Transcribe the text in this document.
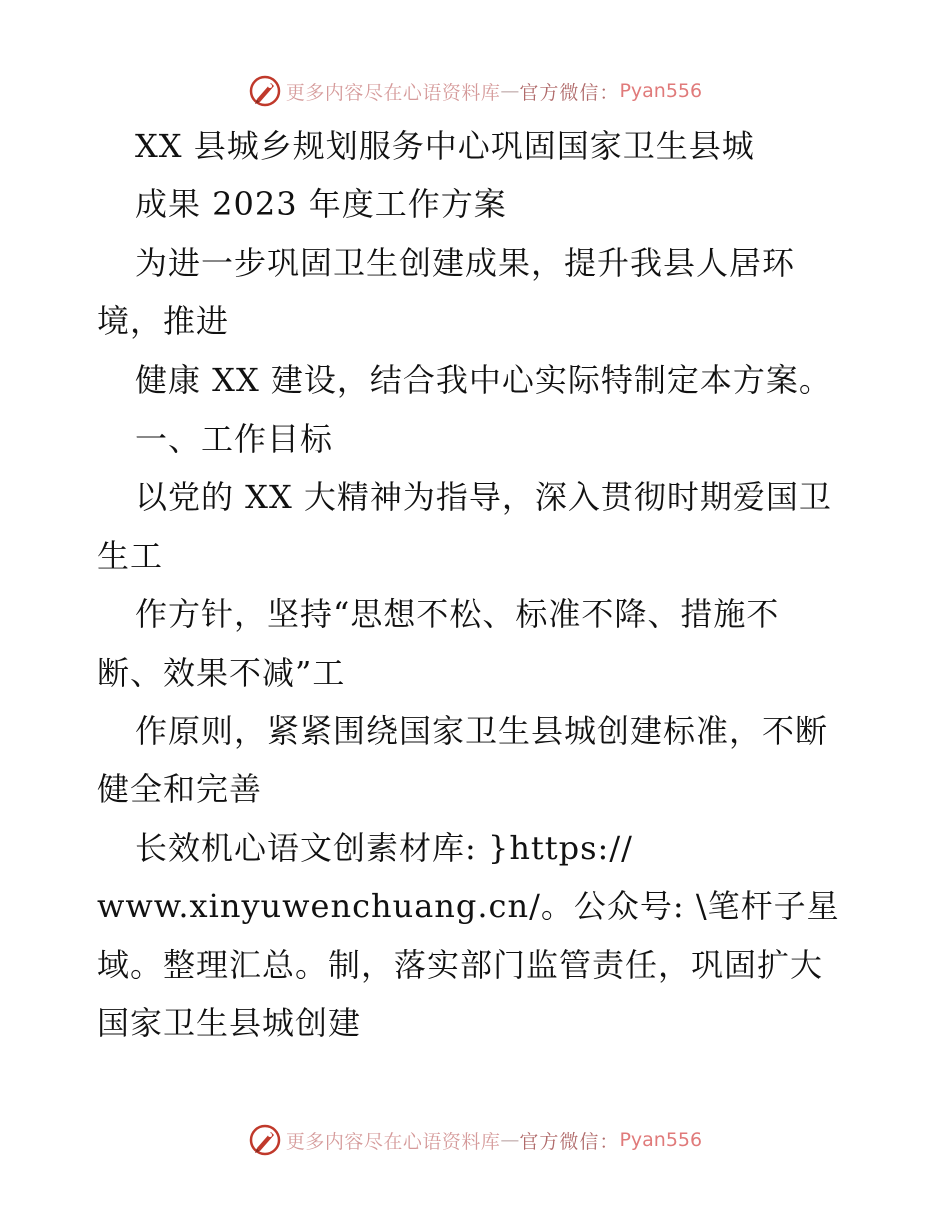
更多内容尽在心语资料库 — 官方微信： Pyan556
XX 县城乡规划服务中心巩固国家卫生县城
成果 2023 年度工作方案
为进一步巩固卫生创建成果，提升我县人居环
境，推进
健康 XX 建设，结合我中心实际特制定本方案。
一、工作目标
以党的 XX 大精神为指导，深入贯彻时期爱国卫
生工
作方针，坚持“思想不松、标准不降、措施不
断、效果不减”工
作原则，紧紧围绕国家卫生县城创建标准，不断
健全和完善
长效机心语文创素材库: }https://
www.xinyuwenchuang.cn/。公众号: \笔杆子星
域。整理汇总。制，落实部门监管责任，巩固扩大
国家卫生县城创建
更多内容尽在心语资料库 — 官方微信： Pyan556
